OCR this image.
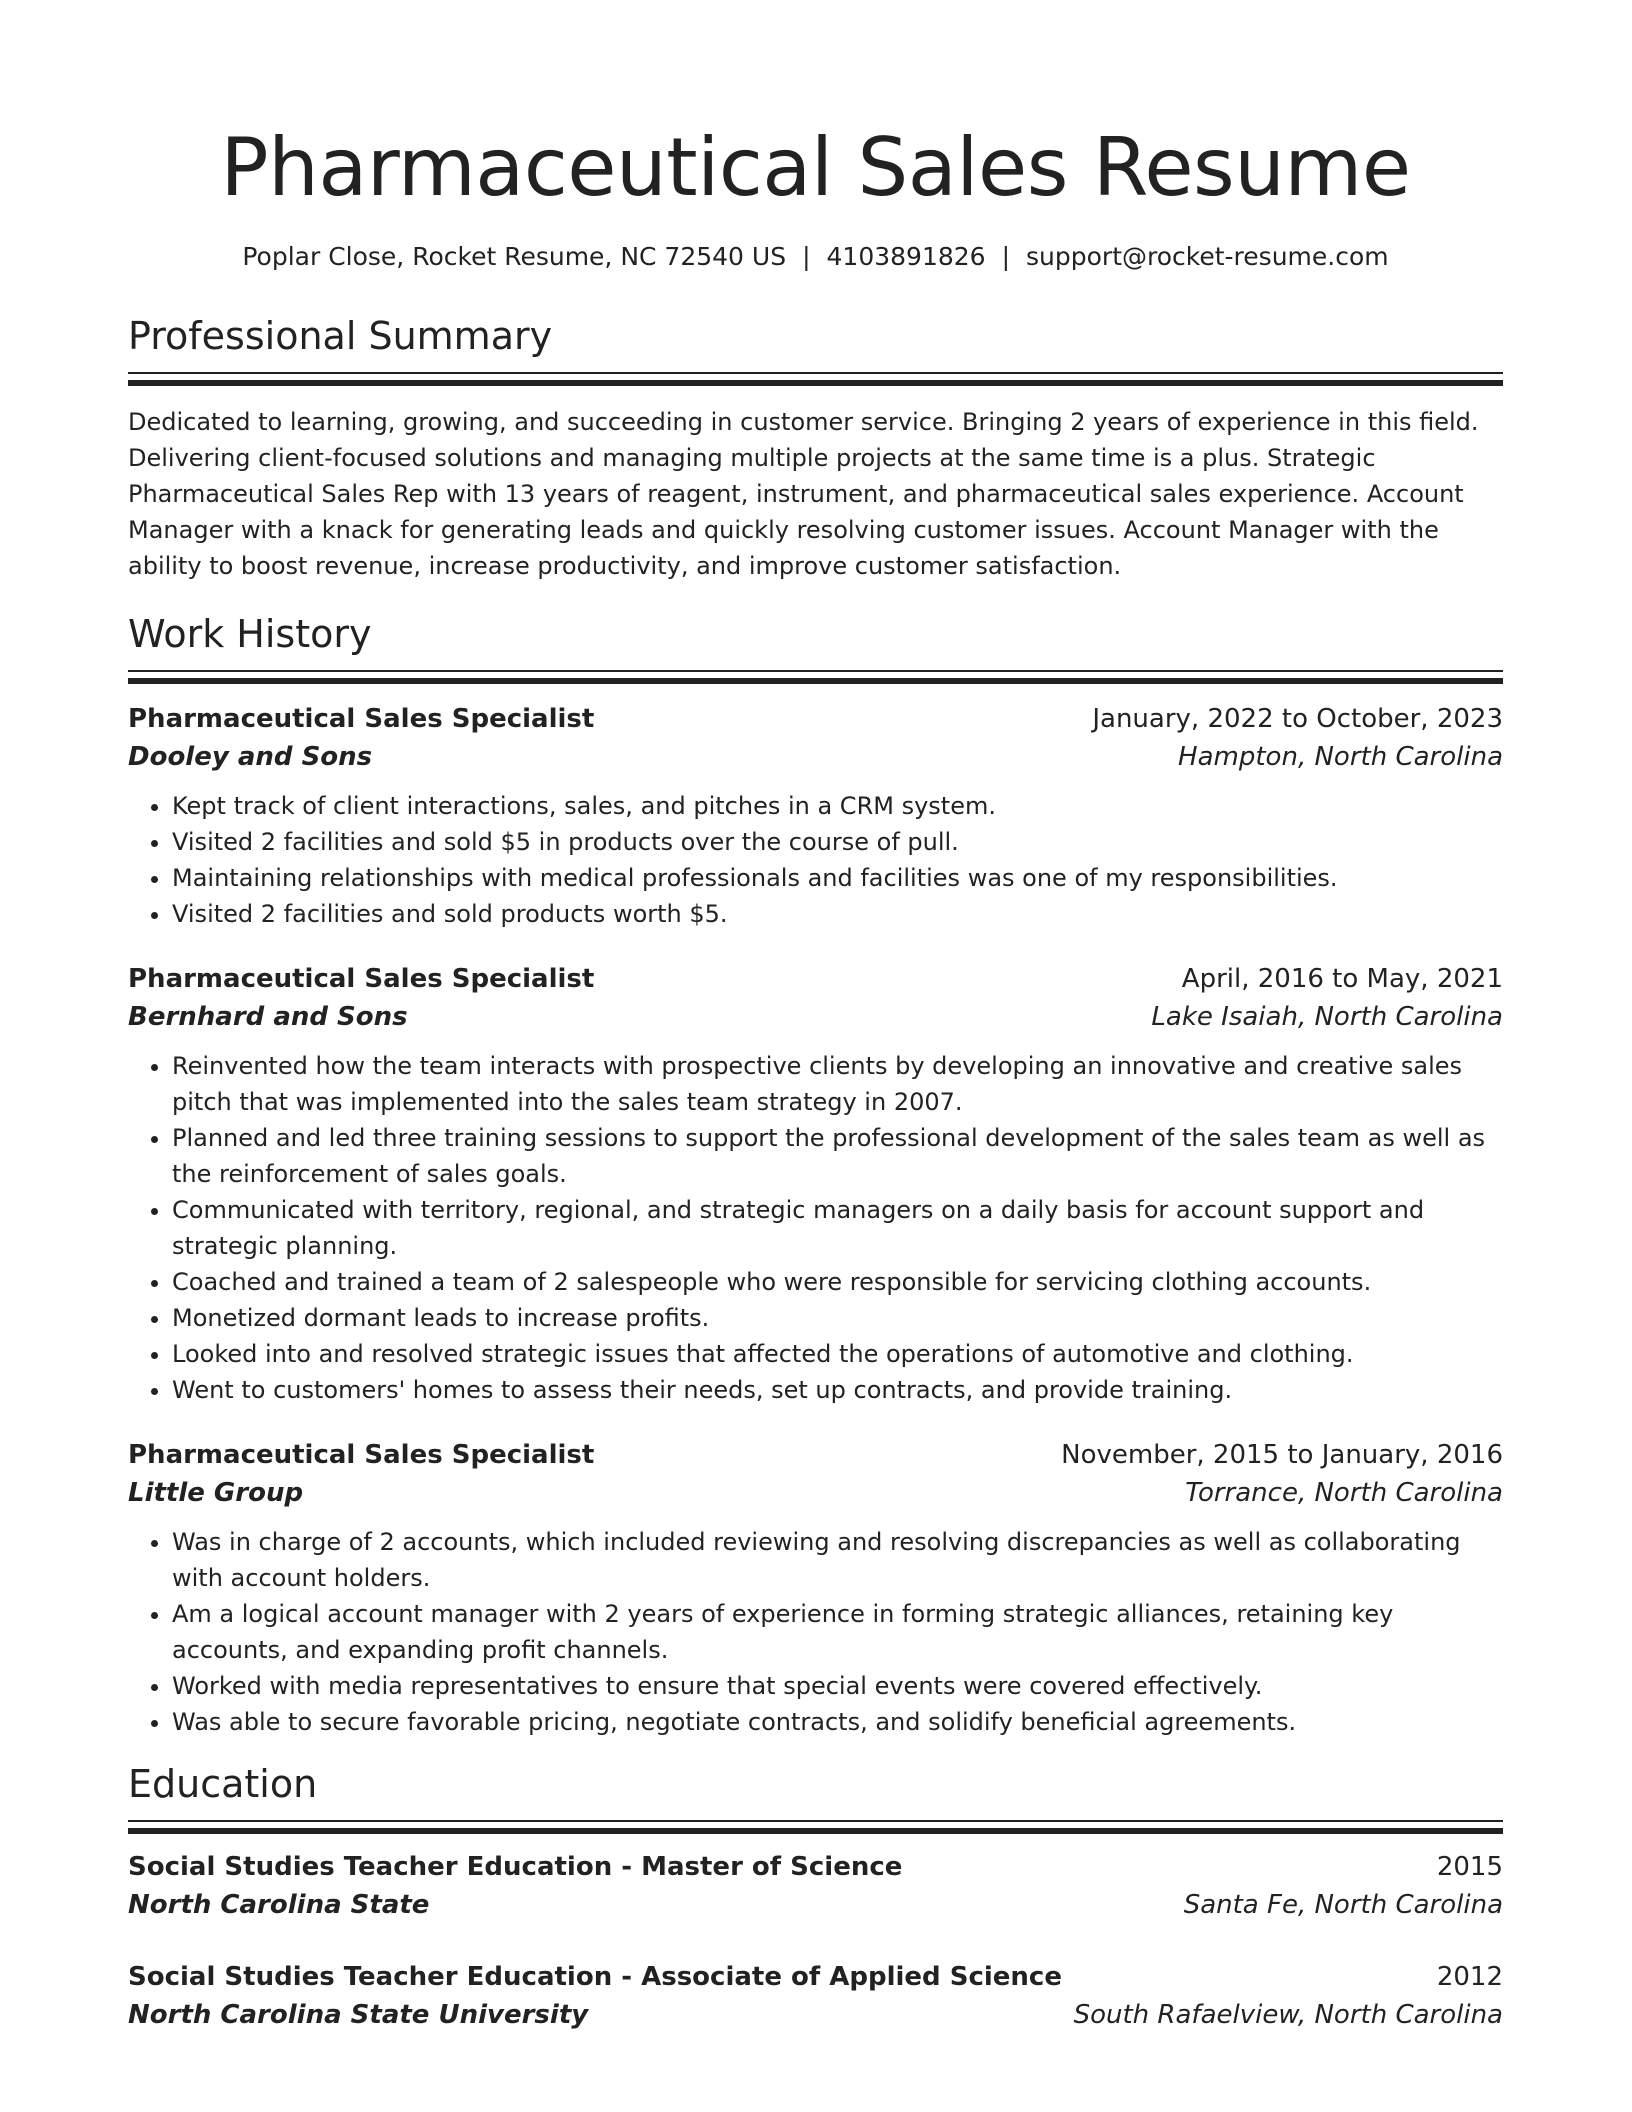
Pharmaceutical Sales Resume
Poplar Close, Rocket Resume, NC 72540 US | 4103891826 | support@rocket-resume.com
Professional Summary

Dedicated to learning, growing, and succeeding in customer service. Bringing 2 years of experience in this field. Delivering client-focused solutions and managing multiple projects at the same time is a plus. Strategic Pharmaceutical Sales Rep with 13 years of reagent, instrument, and pharmaceutical sales experience. Account Manager with a knack for generating leads and quickly resolving customer issues. Account Manager with the ability to boost revenue, increase productivity, and improve customer satisfaction.

Work History
Pharmaceutical Sales Specialist	January, 2022 to October, 2023
Dooley and Sons	Hampton, North Carolina
• Kept track of client interactions, sales, and pitches in a CRM system.
• Visited 2 facilities and sold $5 in products over the course of pull.
• Maintaining relationships with medical professionals and facilities was one of my responsibilities.
• Visited 2 facilities and sold products worth $5.
Pharmaceutical Sales Specialist	April, 2016 to May, 2021
Bernhard and Sons	Lake Isaiah, North Carolina
• Reinvented how the team interacts with prospective clients by developing an innovative and creative sales pitch that was implemented into the sales team strategy in 2007.
• Planned and led three training sessions to support the professional development of the sales team as well as the reinforcement of sales goals.
• Communicated with territory, regional, and strategic managers on a daily basis for account support and strategic planning.
• Coached and trained a team of 2 salespeople who were responsible for servicing clothing accounts.
• Monetized dormant leads to increase profits.
• Looked into and resolved strategic issues that affected the operations of automotive and clothing.
• Went to customers' homes to assess their needs, set up contracts, and provide training.
Pharmaceutical Sales Specialist	November, 2015 to January, 2016
Little Group	Torrance, North Carolina
• Was in charge of 2 accounts, which included reviewing and resolving discrepancies as well as collaborating with account holders.
• Am a logical account manager with 2 years of experience in forming strategic alliances, retaining key accounts, and expanding profit channels.
• Worked with media representatives to ensure that special events were covered effectively.
• Was able to secure favorable pricing, negotiate contracts, and solidify beneficial agreements.
Education
Social Studies Teacher Education - Master of Science	2015
North Carolina State	Santa Fe, North Carolina
Social Studies Teacher Education - Associate of Applied Science	2012
North Carolina State University	South Rafaelview, North Carolina
